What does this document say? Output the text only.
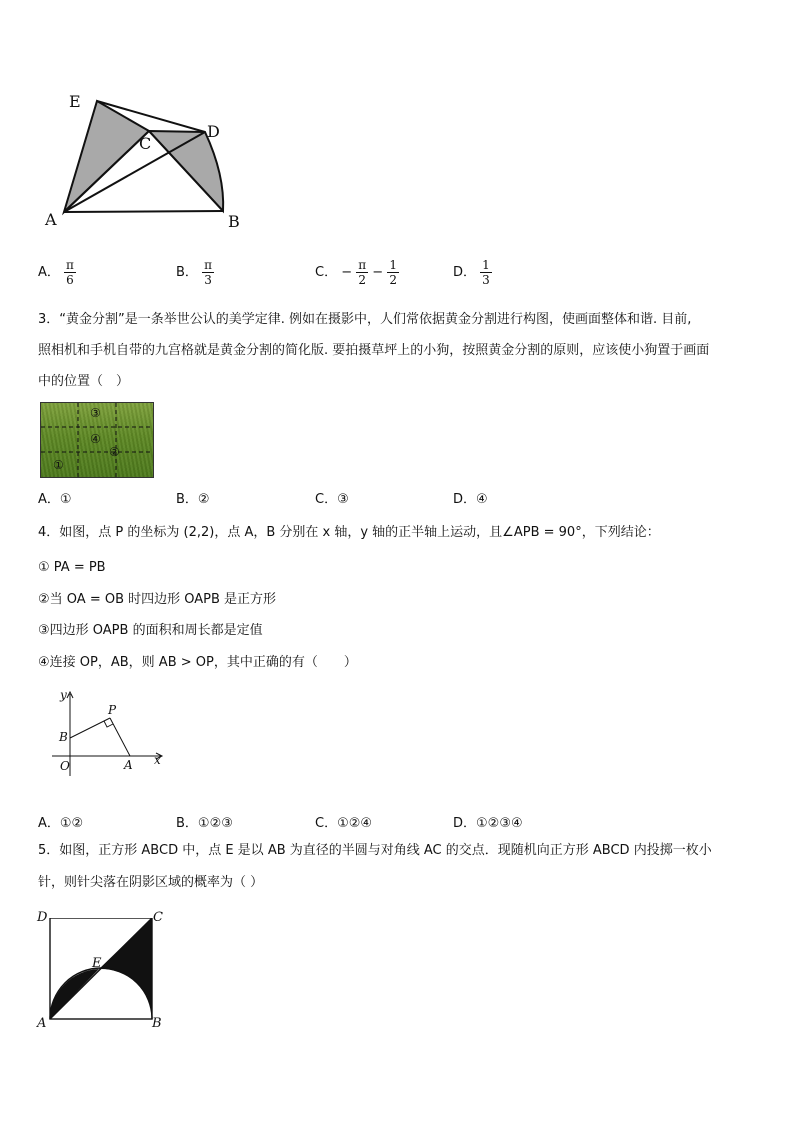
E
C
D
A	B
A． $\frac{\pi}{6}$	B． $\frac{\pi}{3}$	C． − $\frac{\pi}{2} - \frac{1}{2}$	D． $\frac{1}{3}$
3．“黄金分割”是一条举世公认的美学定律. 例如在摄影中，人们常依据黄金分割进行构图，使画面整体和谐. 目前,
照相机和手机自带的九宫格就是黄金分割的简化版. 要拍摄草坪上的小狗，按照黄金分割的原则，应该使小狗置于画面
中的位置（　）
③
④
②
①
A．①	B．②	C．③	D．④
4．如图，点 P 的坐标为 (2,2)，点 A，B 分别在 x 轴，y 轴的正半轴上运动，且∠APB = 90°，下列结论：
① PA = PB
②当 OA = OB 时四边形 OAPB 是正方形
③四边形 OAPB 的面积和周长都是定值
④连接 OP，AB，则 AB > OP，其中正确的有（　　）
y
P
B
O	A x
A．①②	B．①②③	C．①②④	D．①②③④
5．如图，正方形 ABCD 中，点 E 是以 AB 为直径的半圆与对角线 AC 的交点．现随机向正方形 ABCD 内投掷一枚小
针，则针尖落在阴影区域的概率为（ ）
D	C
E
A	B
